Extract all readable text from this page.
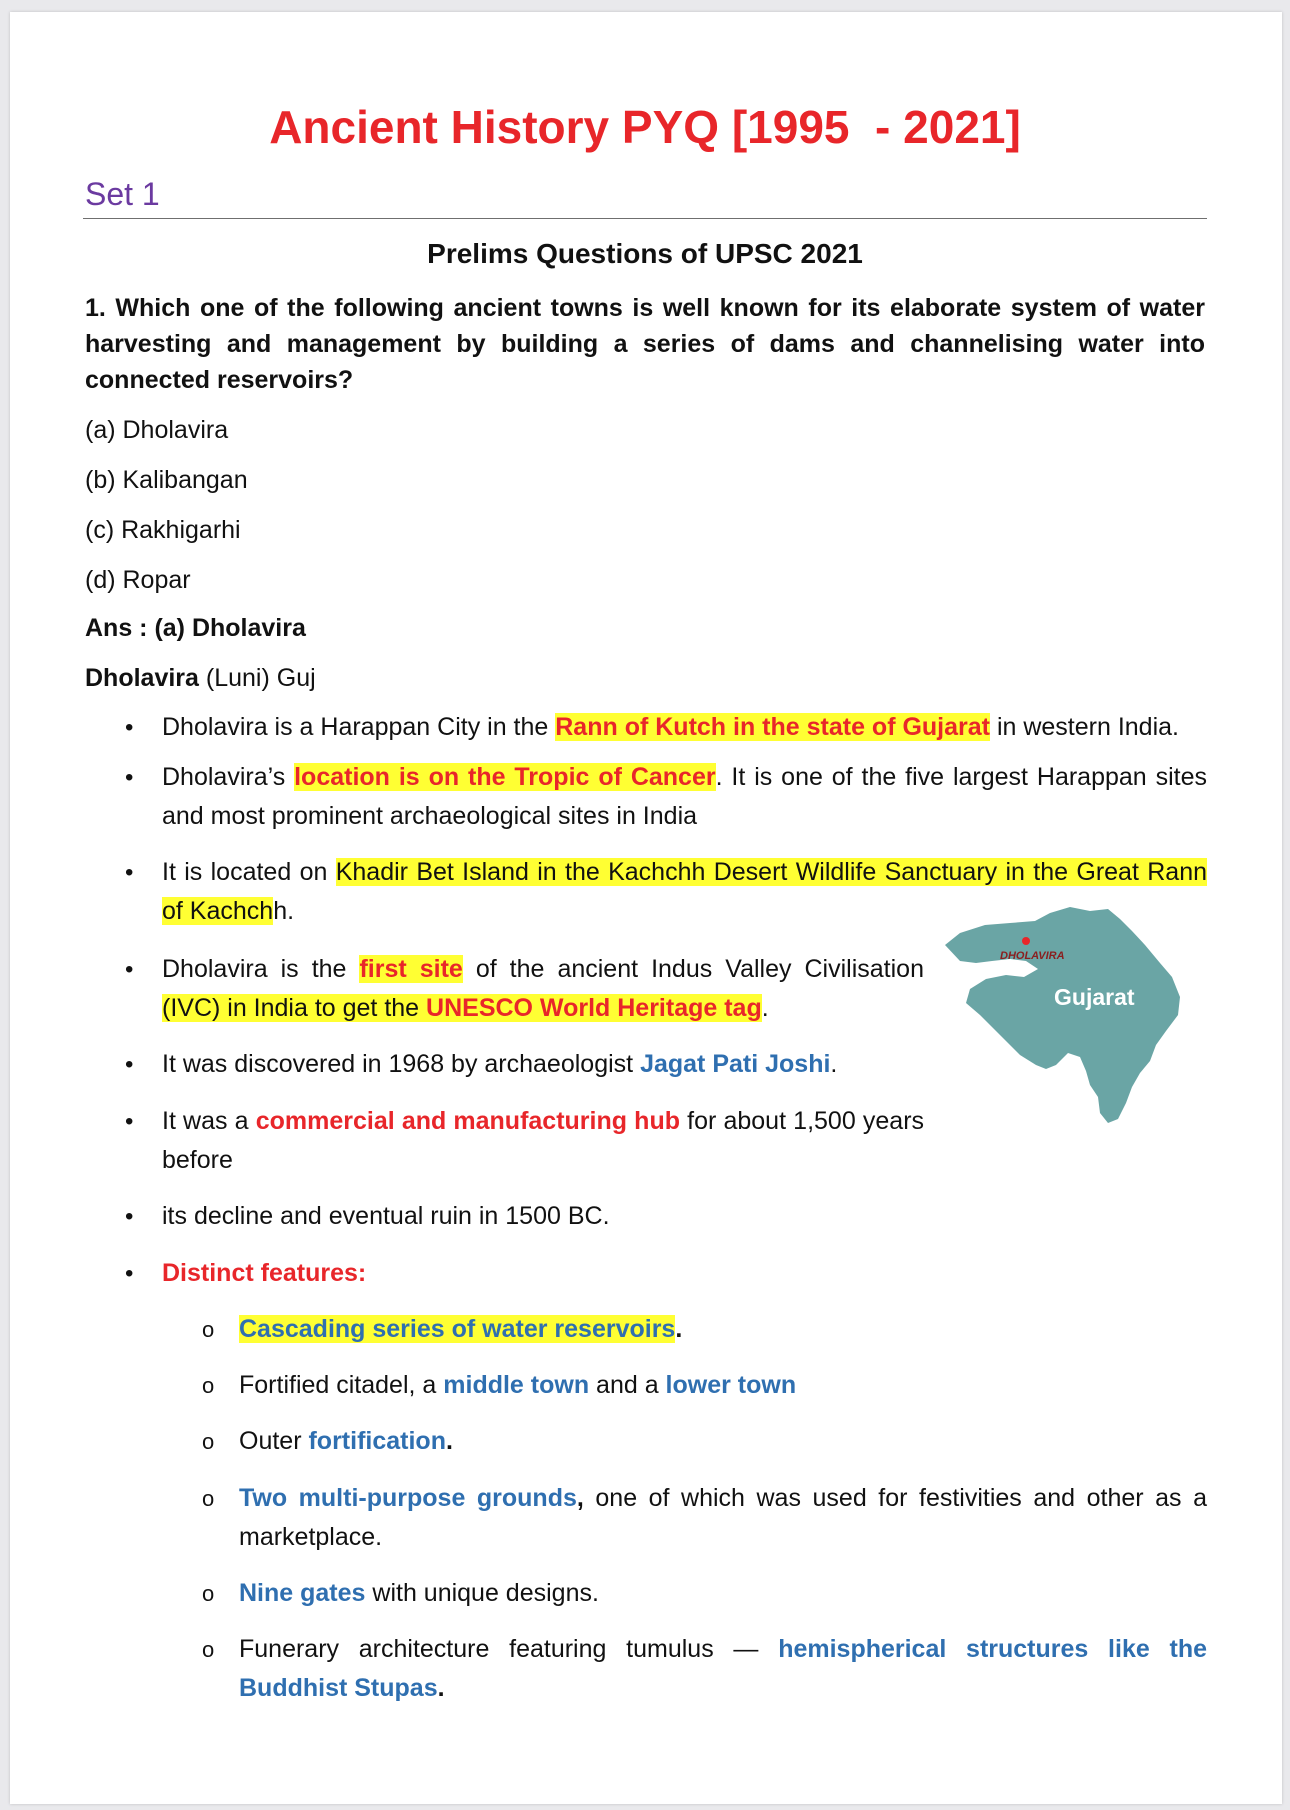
Ancient History PYQ [1995  - 2021]
Set 1
Prelims Questions of UPSC 2021
1. Which one of the following ancient towns is well known for its elaborate system of water harvesting and management by building a series of dams and channelising water into connected reservoirs?
(a) Dholavira
(b) Kalibangan
(c) Rakhigarhi
(d) Ropar
Ans : (a) Dholavira
Dholavira (Luni) Guj
• Dholavira is a Harappan City in the Rann of Kutch in the state of Gujarat in western India.
• Dholavira’s location is on the Tropic of Cancer. It is one of the five largest Harappan sites and most prominent archaeological sites in India
• It is located on Khadir Bet Island in the Kachchh Desert Wildlife Sanctuary in the Great Rann of Kachchh.
• Dholavira is the first site of the ancient Indus Valley Civilisation (IVC) in India to get the UNESCO World Heritage tag.
• It was discovered in 1968 by archaeologist Jagat Pati Joshi.
• It was a commercial and manufacturing hub for about 1,500 years before
• its decline and eventual ruin in 1500 BC.
• Distinct features:
o Cascading series of water reservoirs.
o Fortified citadel, a middle town and a lower town
o Outer fortification.
o Two multi-purpose grounds, one of which was used for festivities and other as a marketplace.
o Nine gates with unique designs.
o Funerary architecture featuring tumulus — hemispherical structures like the Buddhist Stupas.
DHOLAVIRA
Gujarat
